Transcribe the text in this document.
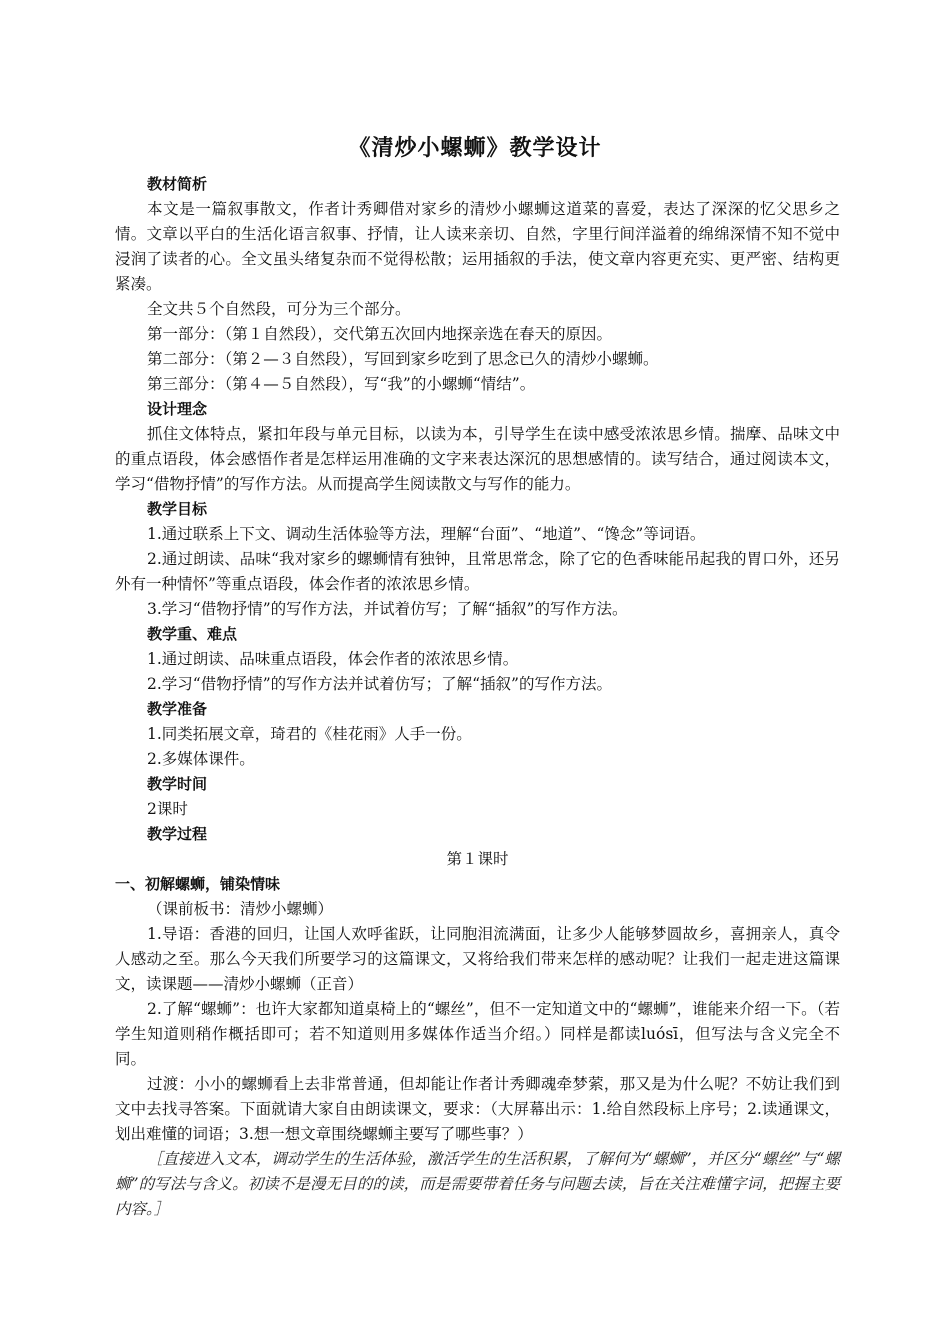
《清炒小螺蛳》教学设计

教材简析

本文是一篇叙事散文，作者计秀卿借对家乡的清炒小螺蛳这道菜的喜爱，表达了深深的忆父思乡之情。文章以平白的生活化语言叙事、抒情，让人读来亲切、自然，字里行间洋溢着的绵绵深情不知不觉中浸润了读者的心。全文虽头绪复杂而不觉得松散；运用插叙的手法，使文章内容更充实、更严密、结构更紧凑。

全文共５个自然段，可分为三个部分。

第一部分：（第１自然段），交代第五次回内地探亲选在春天的原因。

第二部分：（第２—３自然段），写回到家乡吃到了思念已久的清炒小螺蛳。

第三部分：（第４—５自然段），写“我”的小螺蛳“情结”。

设计理念

抓住文体特点，紧扣年段与单元目标，以读为本，引导学生在读中感受浓浓思乡情。揣摩、品味文中的重点语段，体会感悟作者是怎样运用准确的文字来表达深沉的思想感情的。读写结合，通过阅读本文，学习“借物抒情”的写作方法。从而提高学生阅读散文与写作的能力。

教学目标

1.通过联系上下文、调动生活体验等方法，理解“台面”、“地道”、“馋念”等词语。

2.通过朗读、品味“我对家乡的螺蛳情有独钟，且常思常念，除了它的色香味能吊起我的胃口外，还另外有一种情怀”等重点语段，体会作者的浓浓思乡情。

3.学习“借物抒情”的写作方法，并试着仿写；了解“插叙”的写作方法。

教学重、难点

1.通过朗读、品味重点语段，体会作者的浓浓思乡情。

2.学习“借物抒情”的写作方法并试着仿写；了解“插叙”的写作方法。

教学准备

1.同类拓展文章，琦君的《桂花雨》人手一份。

2.多媒体课件。

教学时间

2课时

教学过程

第１课时

一、初解螺蛳，铺染情味

（课前板书：清炒小螺蛳）

1.导语：香港的回归，让国人欢呼雀跃，让同胞泪流满面，让多少人能够梦圆故乡，喜拥亲人，真令人感动之至。那么今天我们所要学习的这篇课文，又将给我们带来怎样的感动呢？让我们一起走进这篇课文，读课题——清炒小螺蛳（正音）

2.了解“螺蛳”：也许大家都知道桌椅上的“螺丝”，但不一定知道文中的“螺蛳”，谁能来介绍一下。（若学生知道则稍作概括即可；若不知道则用多媒体作适当介绍。）同样是都读luósī，但写法与含义完全不同。

过渡：小小的螺蛳看上去非常普通，但却能让作者计秀卿魂牵梦萦，那又是为什么呢？不妨让我们到文中去找寻答案。下面就请大家自由朗读课文，要求：（大屏幕出示：1.给自然段标上序号；2.读通课文，划出难懂的词语；3.想一想文章围绕螺蛳主要写了哪些事？）

［直接进入文本，调动学生的生活体验，激活学生的生活积累，了解何为“螺蛳”，并区分“螺丝”与“螺蛳”的写法与含义。初读不是漫无目的的读，而是需要带着任务与问题去读，旨在关注难懂字词，把握主要内容。］
